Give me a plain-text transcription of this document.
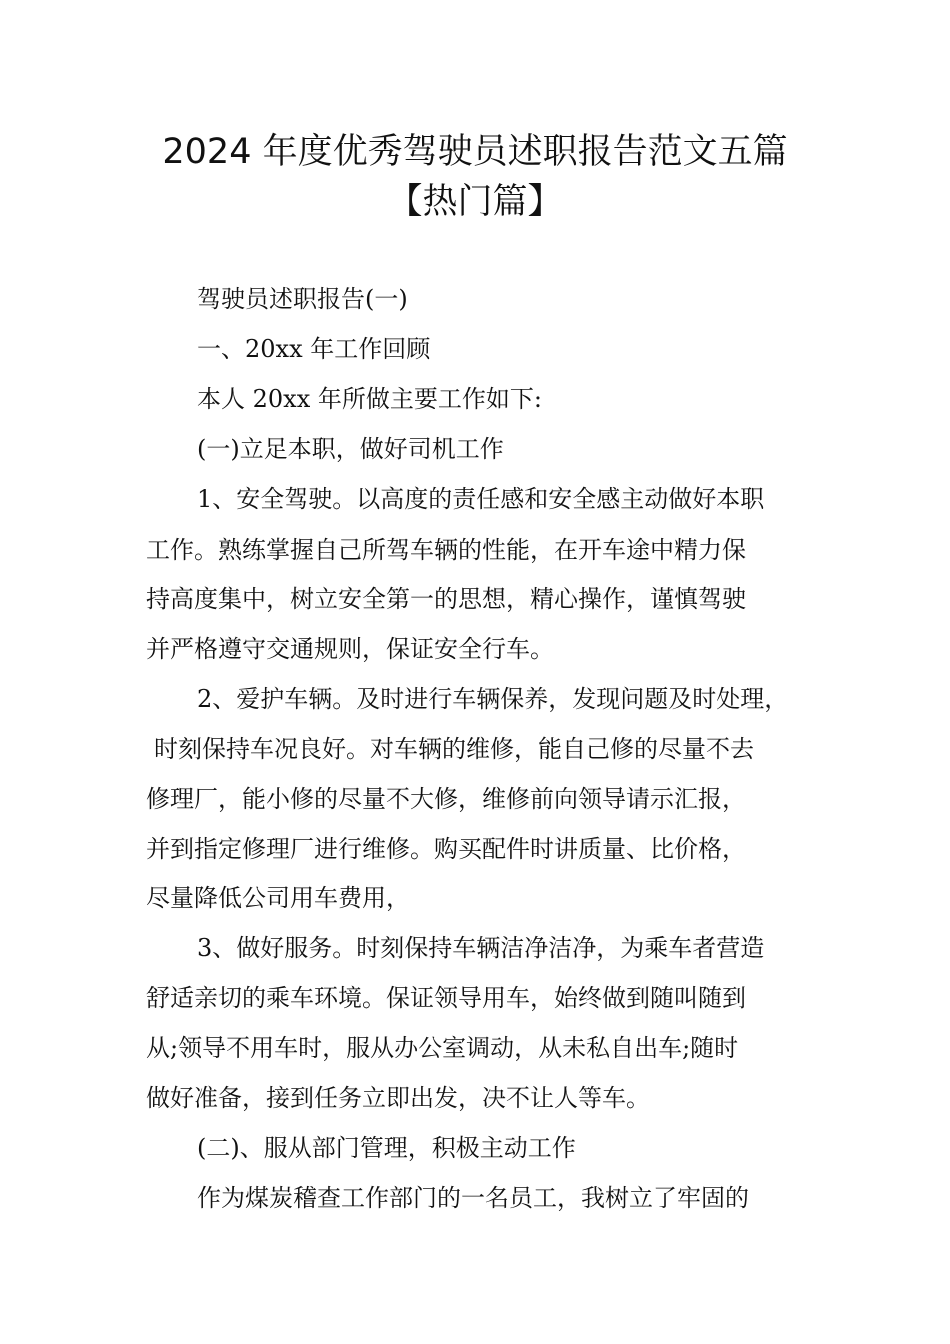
2024 年度优秀驾驶员述职报告范文五篇
【热门篇】
驾驶员述职报告(一)
一、20xx 年工作回顾
本人 20xx 年所做主要工作如下:
(一)立足本职，做好司机工作
1、安全驾驶。以高度的责任感和安全感主动做好本职
工作。熟练掌握自己所驾车辆的性能，在开车途中精力保
持高度集中，树立安全第一的思想，精心操作，谨慎驾驶
并严格遵守交通规则，保证安全行车。
2、爱护车辆。及时进行车辆保养，发现问题及时处理，
时刻保持车况良好。对车辆的维修，能自己修的尽量不去
修理厂，能小修的尽量不大修，维修前向领导请示汇报，
并到指定修理厂进行维修。购买配件时讲质量、比价格，
尽量降低公司用车费用，
3、做好服务。时刻保持车辆洁净洁净，为乘车者营造
舒适亲切的乘车环境。保证领导用车，始终做到随叫随到
从;领导不用车时，服从办公室调动，从未私自出车;随时
做好准备，接到任务立即出发，决不让人等车。
(二)、服从部门管理，积极主动工作
作为煤炭稽查工作部门的一名员工，我树立了牢固的
